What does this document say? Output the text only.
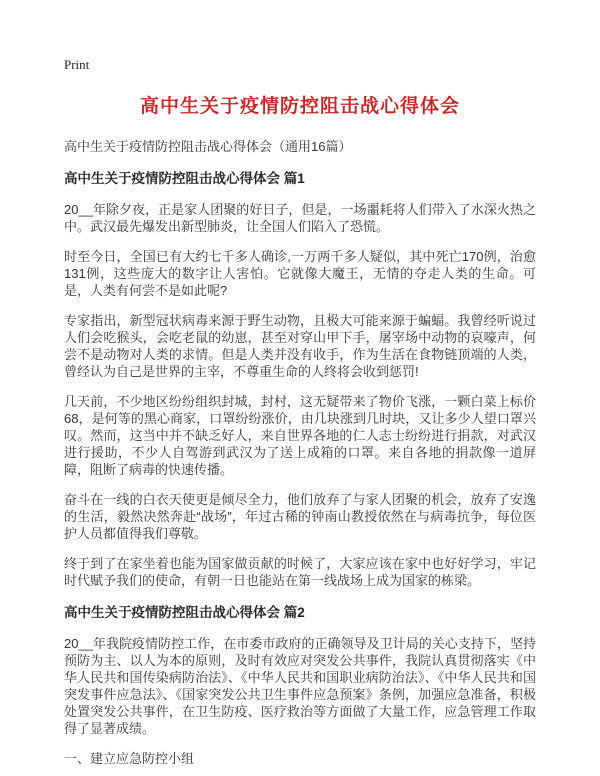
Print
高中生关于疫情防控阻击战心得体会

高中生关于疫情防控阻击战心得体会（通用16篇）

高中生关于疫情防控阻击战心得体会 篇1

20__年除夕夜，正是家人团聚的好日子，但是，一场噩耗将人们带入了水深火热之中。武汉最先爆发出新型肺炎，让全国人们陷入了恐慌。

时至今日，全国已有大约七千多人确诊,一万两千多人疑似，其中死亡170例，治愈131例，这些庞大的数字让人害怕。它就像大魔王，无情的夺走人类的生命。可是，人类有何尝不是如此呢?

专家指出，新型冠状病毒来源于野生动物，且极大可能来源于蝙蝠。我曾经听说过人们会吃猴头，会吃老鼠的幼崽，甚至对穿山甲下手，屠宰场中动物的哀嚎声，何尝不是动物对人类的求情。但是人类并没有收手，作为生活在食物链顶端的人类，曾经认为自己是世界的主宰，不尊重生命的人终将会收到惩罚!

几天前，不少地区纷纷组织封城，封村，这无疑带来了物价飞涨，一颗白菜上标价68，是何等的黑心商家，口罩纷纷涨价，由几块涨到几时块，又让多少人望口罩兴叹。然而，这当中并不缺乏好人，来自世界各地的仁人志士纷纷进行捐款，对武汉进行援助，不少人自驾游到武汉为了送上成箱的口罩。来自各地的捐款像一道屏障，阻断了病毒的快速传播。

奋斗在一线的白衣天使更是倾尽全力，他们放弃了与家人团聚的机会，放弃了安逸的生活，毅然决然奔赴“战场”，年过古稀的钟南山教授依然在与病毒抗争，每位医护人员都值得我们尊敬。

终于到了在家坐着也能为国家做贡献的时候了，大家应该在家中也好好学习，牢记时代赋予我们的使命，有朝一日也能站在第一线战场上成为国家的栋梁。

高中生关于疫情防控阻击战心得体会 篇2

20__年我院疫情防控工作，在市委市政府的正确领导及卫计局的关心支持下，坚持预防为主、以人为本的原则，及时有效应对突发公共事件，我院认真贯彻落实《中华人民共和国传染病防治法》、《中华人民共和国职业病防治法》、《中华人民共和国突发事件应急法》、《国家突发公共卫生事件应急预案》条例，加强应急准备，积极处置突发公共事件，在卫生防疫、医疗救治等方面做了大量工作，应急管理工作取得了显著成绩。

一、建立应急防控小组
